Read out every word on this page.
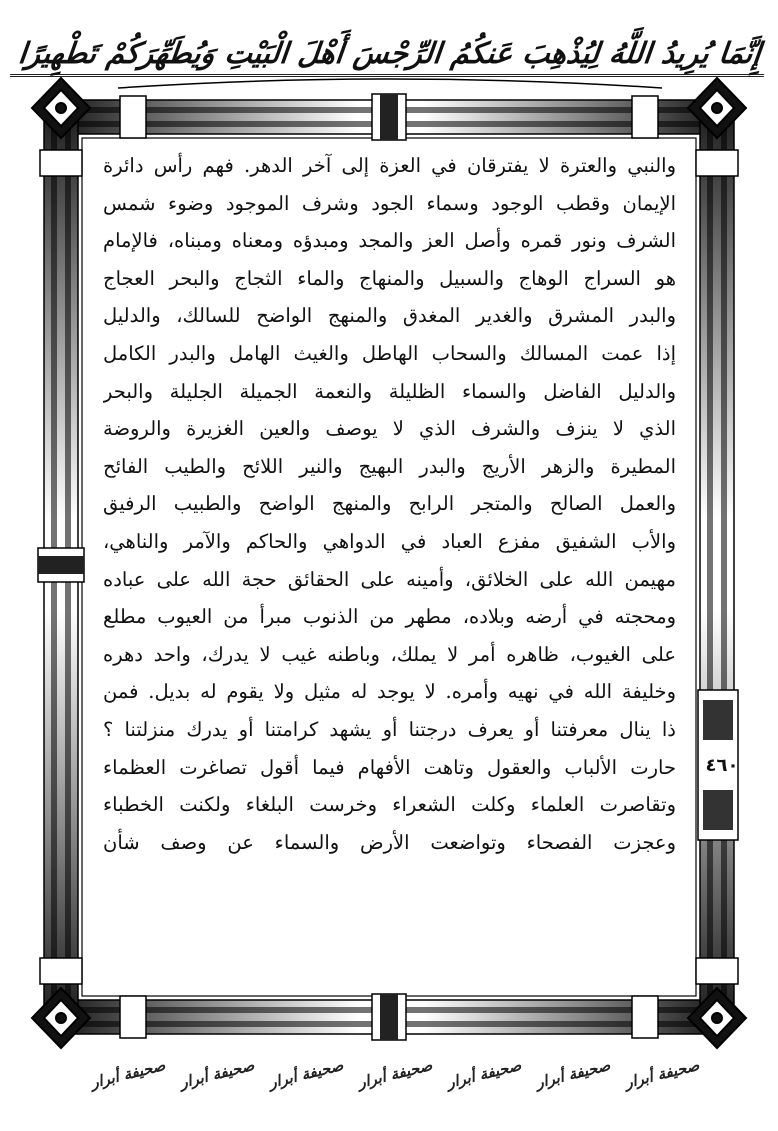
إِنَّمَا يُرِيدُ اللَّهُ لِيُذْهِبَ عَنكُمُ الرِّجْسَ أَهْلَ الْبَيْتِ وَيُطَهِّرَكُمْ تَطْهِيرًا
والنبي والعترة لا يفترقان في العزة إلى آخر الدهر. فهم رأس دائرة
الإيمان وقطب الوجود وسماء الجود وشرف الموجود وضوء شمس
الشرف ونور قمره وأصل العز والمجد ومبدؤه ومعناه ومبناه، فالإمام
هو السراج الوهاج والسبيل والمنهاج والماء الثجاج والبحر العجاج
والبدر المشرق والغدير المغدق والمنهج الواضح للسالك، والدليل
إذا عمت المسالك والسحاب الهاطل والغيث الهامل والبدر الكامل
والدليل الفاضل والسماء الظليلة والنعمة الجميلة الجليلة والبحر
الذي لا ينزف والشرف الذي لا يوصف والعين الغزيرة والروضة
المطيرة والزهر الأريج والبدر البهيج والنير اللائح والطيب الفائح
والعمل الصالح والمتجر الرابح والمنهج الواضح والطبيب الرفيق
والأب الشفيق مفزع العباد في الدواهي والحاكم والآمر والناهي،
مهيمن الله على الخلائق، وأمينه على الحقائق حجة الله على عباده
ومحجته في أرضه وبلاده، مطهر من الذنوب مبرأ من العيوب مطلع
على الغيوب، ظاهره أمر لا يملك، وباطنه غيب لا يدرك، واحد دهره
وخليفة الله في نهيه وأمره. لا يوجد له مثيل ولا يقوم له بديل. فمن
ذا ينال معرفتنا أو يعرف درجتنا أو يشهد كرامتنا أو يدرك منزلتنا ؟
حارت الألباب والعقول وتاهت الأفهام فيما أقول تصاغرت العظماء
وتقاصرت العلماء وكلت الشعراء وخرست البلغاء ولكنت الخطباء
وعجزت الفصحاء وتواضعت الأرض والسماء عن وصف شأن
٤٦٠
صحيفة أبرار
صحيفة أبرار
صحيفة أبرار
صحيفة أبرار
صحيفة أبرار
صحيفة أبرار
صحيفة أبرار
